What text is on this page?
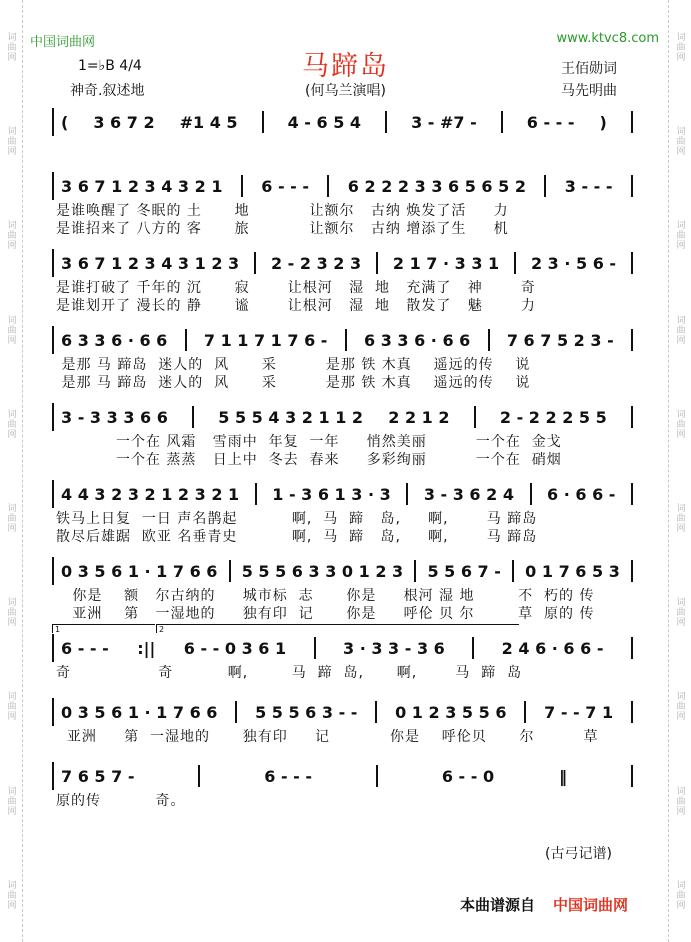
词曲网
词曲网
词曲网
词曲网
词曲网
词曲网
词曲网
词曲网
词曲网
词曲网
词曲网
词曲网
词曲网
词曲网
词曲网
词曲网
词曲网
词曲网
词曲网
词曲网
中国词曲网	www.ktvc8.com
马蹄岛
(何乌兰演唱)
1=♭B 4/4
神奇.叙述地
王佰勋词
马先明曲
( 3 6 7 2 #1 4 5	4 - 6 5 4	3 - #7 -	6 - - - )
3 6 7 1 2 3 4 3 2 1 6 - - - 6 2 2 2 3 3 6 5 6 5 2 3 - - -
是谁唤醒了 冬眠的 土      地           让额尔   古纳 焕发了活     力
是谁招来了 八方的 客      旅           让额尔   古纳 增添了生     机
3 6 7 1 2 3 4 3 1 2 3 2 - 2 3 2 3 2 1 7 · 3 3 1 2 3 · 5 6 -
是谁打破了 千年的 沉      寂       让根河   湿  地   充满了   神       奇
是谁划开了 漫长的 静      谧       让根河   湿  地   散发了   魅       力
6 3 3 6 · 6 6 7 1 1 7 1 7 6 - 6 3 3 6 · 6 6 7 6 7 5 2 3 -
是那 马 蹄岛  迷人的  风      采         是那 铁 木真    遥远的传    说
是那 马 蹄岛  迷人的  风      采         是那 铁 木真    遥远的传    说
3 - 3 3 3 6 6	5 5 5 4 3 2 1 1 2 2 2 1 2	2 - 2 2 2 5 5
一个在 风霜   雪雨中  年复  一年     悄然美丽         一个在  金戈
一个在 蒸蒸   日上中  冬去  春来     多彩绚丽         一个在  硝烟
4 4 3 2 3 2 1 2 3 2 1 1 - 3 6 1 3 · 3 3 - 3 6 2 4 6 · 6 6 -
铁马上日复  一日 声名鹊起          啊,  马  蹄   岛,     啊,       马 蹄岛
散尽后雄踞  欧亚 名垂青史          啊,  马  蹄   岛,     啊,       马 蹄岛
0 3 5 6 1 · 1 7 6 6 5 5 5 6 3 3 0 1 2 3 5 5 6 7 - 0 1 7 6 5 3
你是    额   尔古纳的     城市标  志      你是     根河 湿 地        不  朽的 传
亚洲    第   一湿地的     独有印  记      你是     呼伦 贝 尔        草  原的 传
6 - - - :|| 6 - - 0 3 6 1	3 · 3 3 - 3 6	2 4 6 · 6 6 -
1	2
奇                奇          啊,        马  蹄  岛,      啊,       马  蹄  岛
0 3 5 6 1 · 1 7 6 6 5 5 5 6 3 - - 0 1 2 3 5 5 6 7 - - 7 1
亚洲     第  一湿地的      独有印     记           你是    呼伦贝      尔         草
7 6 5 7 -	6 - - -	6 - - 0	‖
原的传          奇。
(古弓记谱)
本曲谱源自 中国词曲网
